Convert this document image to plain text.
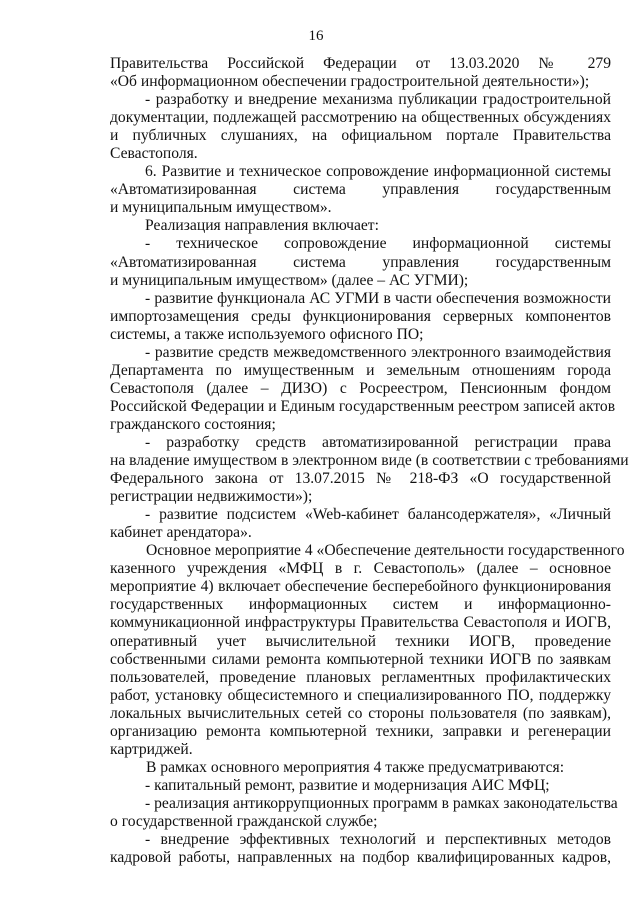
16
Правительства Российской Федерации от 13.03.2020 № 279
«Об информационном обеспечении градостроительной деятельности»);
- разработку и внедрение механизма публикации градостроительной
документации, подлежащей рассмотрению на общественных обсуждениях
и публичных слушаниях, на официальном портале Правительства
Севастополя.
6. Развитие и техническое сопровождение информационной системы
«Автоматизированная система управления государственным
и муниципальным имуществом».
Реализация направления включает:
- техническое сопровождение информационной системы
«Автоматизированная система управления государственным
и муниципальным имуществом» (далее – АС УГМИ);
- развитие функционала АС УГМИ в части обеспечения возможности
импортозамещения среды функционирования серверных компонентов
системы, а также используемого офисного ПО;
- развитие средств межведомственного электронного взаимодействия
Департамента по имущественным и земельным отношениям города
Севастополя (далее – ДИЗО) с Росреестром, Пенсионным фондом
Российской Федерации и Единым государственным реестром записей актов
гражданского состояния;
- разработку средств автоматизированной регистрации права
на владение имуществом в электронном виде (в соответствии с требованиями
Федерального закона от 13.07.2015 № 218-ФЗ «О государственной
регистрации недвижимости»);
- развитие подсистем «Web-кабинет балансодержателя», «Личный
кабинет арендатора».
Основное мероприятие 4 «Обеспечение деятельности государственного
казенного учреждения «МФЦ в г. Севастополь» (далее – основное
мероприятие 4) включает обеспечение бесперебойного функционирования
государственных информационных систем и информационно-
коммуникационной инфраструктуры Правительства Севастополя и ИОГВ,
оперативный учет вычислительной техники ИОГВ, проведение
собственными силами ремонта компьютерной техники ИОГВ по заявкам
пользователей, проведение плановых регламентных профилактических
работ, установку общесистемного и специализированного ПО, поддержку
локальных вычислительных сетей со стороны пользователя (по заявкам),
организацию ремонта компьютерной техники, заправки и регенерации
картриджей.
В рамках основного мероприятия 4 также предусматриваются:
- капитальный ремонт, развитие и модернизация АИС МФЦ;
- реализация антикоррупционных программ в рамках законодательства
о государственной гражданской службе;
- внедрение эффективных технологий и перспективных методов
кадровой работы, направленных на подбор квалифицированных кадров,
